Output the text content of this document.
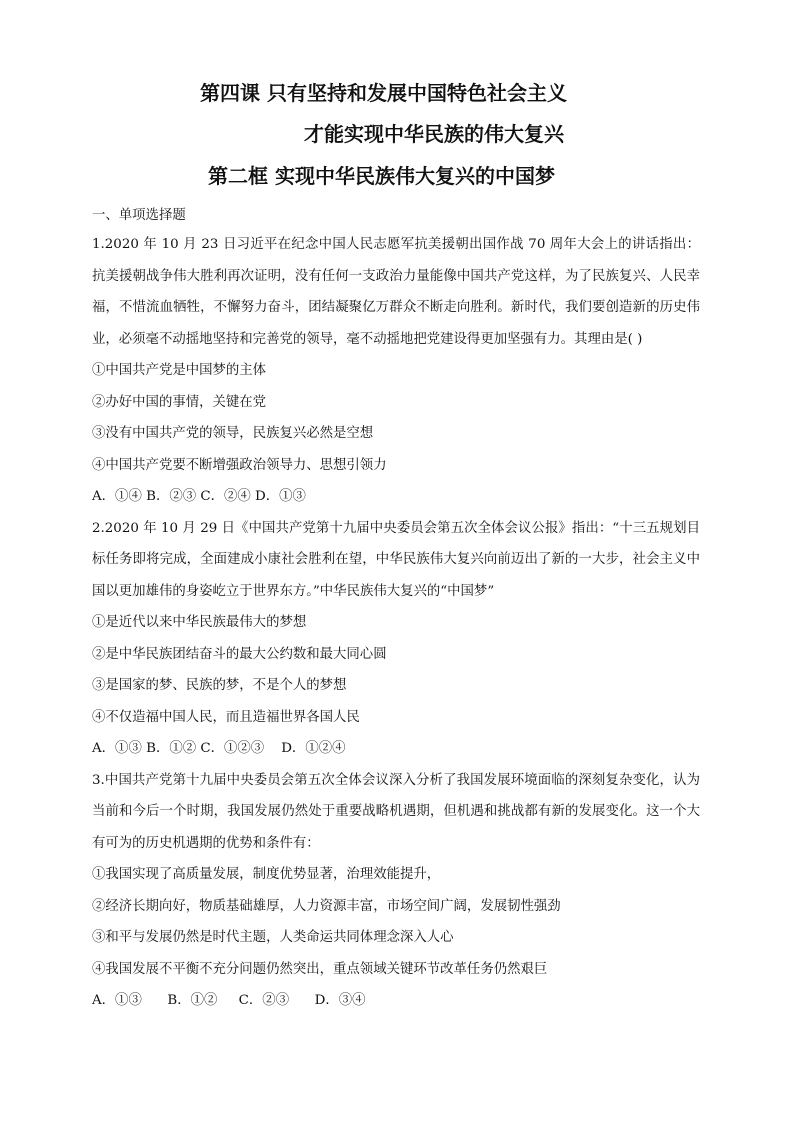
第四课 只有坚持和发展中国特色社会主义
才能实现中华民族的伟大复兴
第二框 实现中华民族伟大复兴的中国梦

一、单项选择题

1.2020 年 10 月 23 日习近平在纪念中国人民志愿军抗美援朝出国作战 70 周年大会上的讲话指出：抗美援朝战争伟大胜利再次证明，没有任何一支政治力量能像中国共产党这样，为了民族复兴、人民幸福，不惜流血牺牲，不懈努力奋斗，团结凝聚亿万群众不断走向胜利。新时代，我们要创造新的历史伟业，必须毫不动摇地坚持和完善党的领导，毫不动摇地把党建设得更加坚强有力。其理由是( )

①中国共产党是中国梦的主体

②办好中国的事情，关键在党

③没有中国共产党的领导，民族复兴必然是空想

④中国共产党要不断增强政治领导力、思想引领力

A．①④ B．②③ C．②④ D．①③

2.2020 年 10 月 29 日《中国共产党第十九届中央委员会第五次全体会议公报》指出：“十三五规划目标任务即将完成，全面建成小康社会胜利在望，中华民族伟大复兴向前迈出了新的一大步，社会主义中国以更加雄伟的身姿屹立于世界东方。”中华民族伟大复兴的“中国梦”

①是近代以来中华民族最伟大的梦想

②是中华民族团结奋斗的最大公约数和最大同心圆

③是国家的梦、民族的梦，不是个人的梦想

④不仅造福中国人民，而且造福世界各国人民

A．①③ B．①② C．①②③    D．①②④

3.中国共产党第十九届中央委员会第五次全体会议深入分析了我国发展环境面临的深刻复杂变化，认为当前和今后一个时期，我国发展仍然处于重要战略机遇期，但机遇和挑战都有新的发展变化。这一个大有可为的历史机遇期的优势和条件有：

①我国实现了高质量发展，制度优势显著，治理效能提升，

②经济长期向好，物质基础雄厚，人力资源丰富，市场空间广阔，发展韧性强劲

③和平与发展仍然是时代主题，人类命运共同体理念深入人心

④我国发展不平衡不充分问题仍然突出，重点领域关键环节改革任务仍然艰巨

A．①③      B．①②     C．②③      D．③④
